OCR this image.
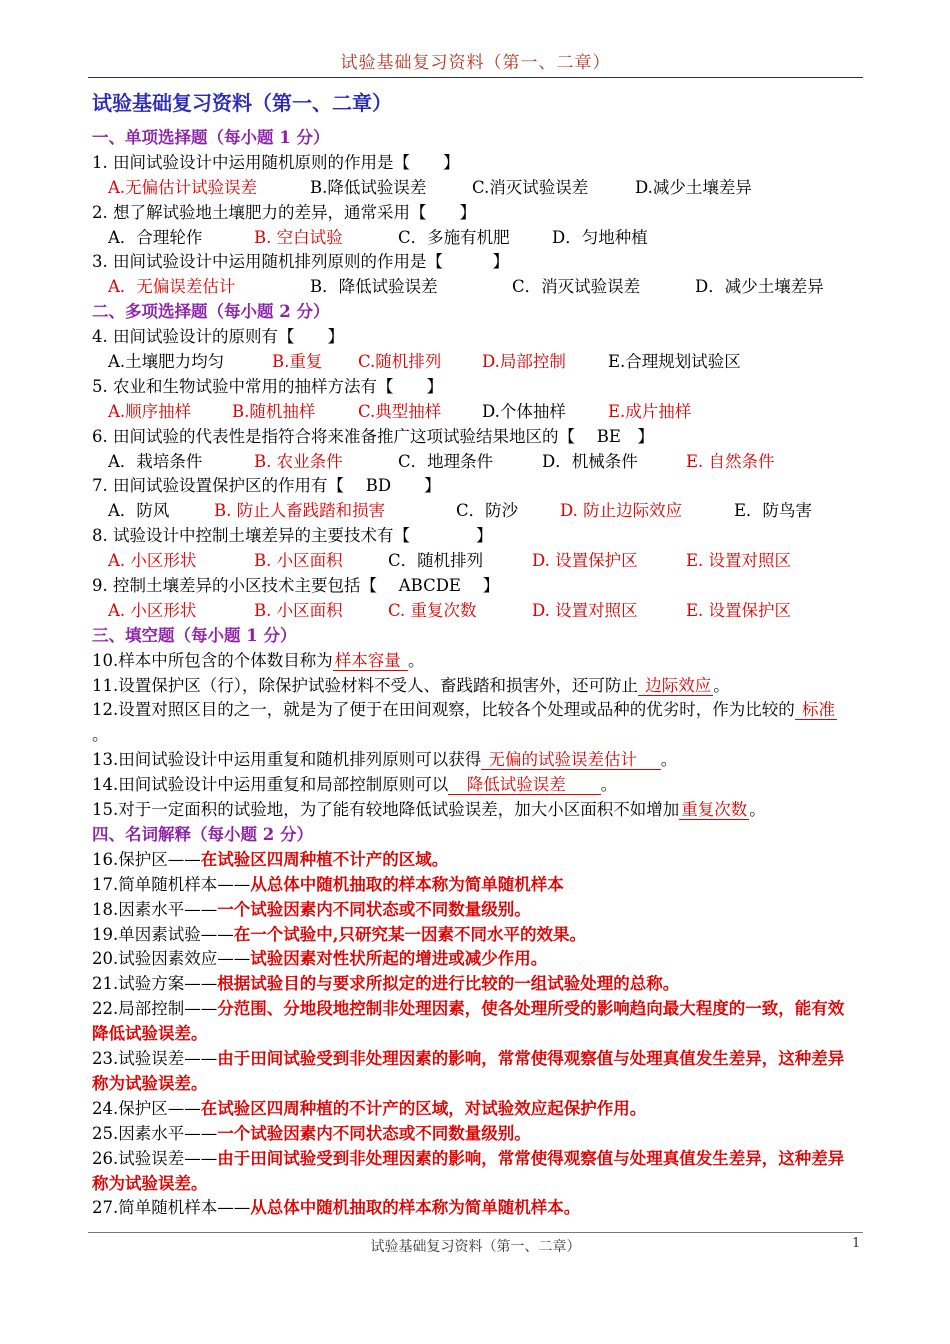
试验基础复习资料（第一、二章）
试验基础复习资料（第一、二章）
一、单项选择题（每小题 1 分）
1. 田间试验设计中运用随机原则的作用是【　　】
A.无偏估计试验误差	B.降低试验误差	C.消灭试验误差	D.减少土壤差异
2. 想了解试验地土壤肥力的差异，通常采用【　　】
A．合理轮作	B. 空白试验	C．多施有机肥	D．匀地种植
3. 田间试验设计中运用随机排列原则的作用是【　　　】
A．无偏误差估计	B．降低试验误差	C．消灭试验误差	D．减少土壤差异
二、多项选择题（每小题 2 分）
4. 田间试验设计的原则有【　　】
A.土壤肥力均匀	B.重复 C.随机排列 D.局部控制	E.合理规划试验区
5. 农业和生物试验中常用的抽样方法有【　　】
A.顺序抽样 B.随机抽样	C.典型抽样 D.个体抽样	E.成片抽样
6. 田间试验的代表性是指符合将来准备推广这项试验结果地区的【　 BE　】
A．栽培条件	B. 农业条件	C．地理条件	D．机械条件	E. 自然条件
7. 田间试验设置保护区的作用有【　 BD　　】
A．防风	B. 防止人畜践踏和损害	C．防沙	D. 防止边际效应	E．防鸟害
8. 试验设计中控制土壤差异的主要技术有【　　　　】
A. 小区形状	B. 小区面积	C．随机排列	D. 设置保护区	E. 设置对照区
9. 控制土壤差异的小区技术主要包括【　 ABCDE　 】
A. 小区形状	B. 小区面积	C. 重复次数	D. 设置对照区	E. 设置保护区
三、填空题（每小题 1 分）
10.样本中所包含的个体数目称为 样本容量 。
11.设置保护区（行），除保护试验材料不受人、畜践踏和损害外，还可防止 边际效应 。
12.设置对照区目的之一，就是为了便于在田间观察，比较各个处理或品种的优劣时，作为比较的 标准 。
13.田间试验设计中运用重复和随机排列原则可以获得 无偏的试验误差估计　 。
14.田间试验设计中运用重复和局部控制原则可以　降低试验误差　　。
15.对于一定面积的试验地，为了能有较地降低试验误差，加大小区面积不如增加 重复次数 。
四、名词解释（每小题 2 分）
16.保护区——在试验区四周种植不计产的区域。
17.简单随机样本——从总体中随机抽取的样本称为简单随机样本
18.因素水平——一个试验因素内不同状态或不同数量级别。
19.单因素试验——在一个试验中,只研究某一因素不同水平的效果。
20.试验因素效应——试验因素对性状所起的增进或减少作用。
21.试验方案——根据试验目的与要求所拟定的进行比较的一组试验处理的总称。
22.局部控制——分范围、分地段地控制非处理因素，使各处理所受的影响趋向最大程度的一致，能有效降低试验误差。
23.试验误差——由于田间试验受到非处理因素的影响，常常使得观察值与处理真值发生差异，这种差异称为试验误差。
24.保护区——在试验区四周种植的不计产的区域，对试验效应起保护作用。
25.因素水平——一个试验因素内不同状态或不同数量级别。
26.试验误差——由于田间试验受到非处理因素的影响，常常使得观察值与处理真值发生差异，这种差异称为试验误差。
27.简单随机样本——从总体中随机抽取的样本称为简单随机样本。
试验基础复习资料（第一、二章）	1
